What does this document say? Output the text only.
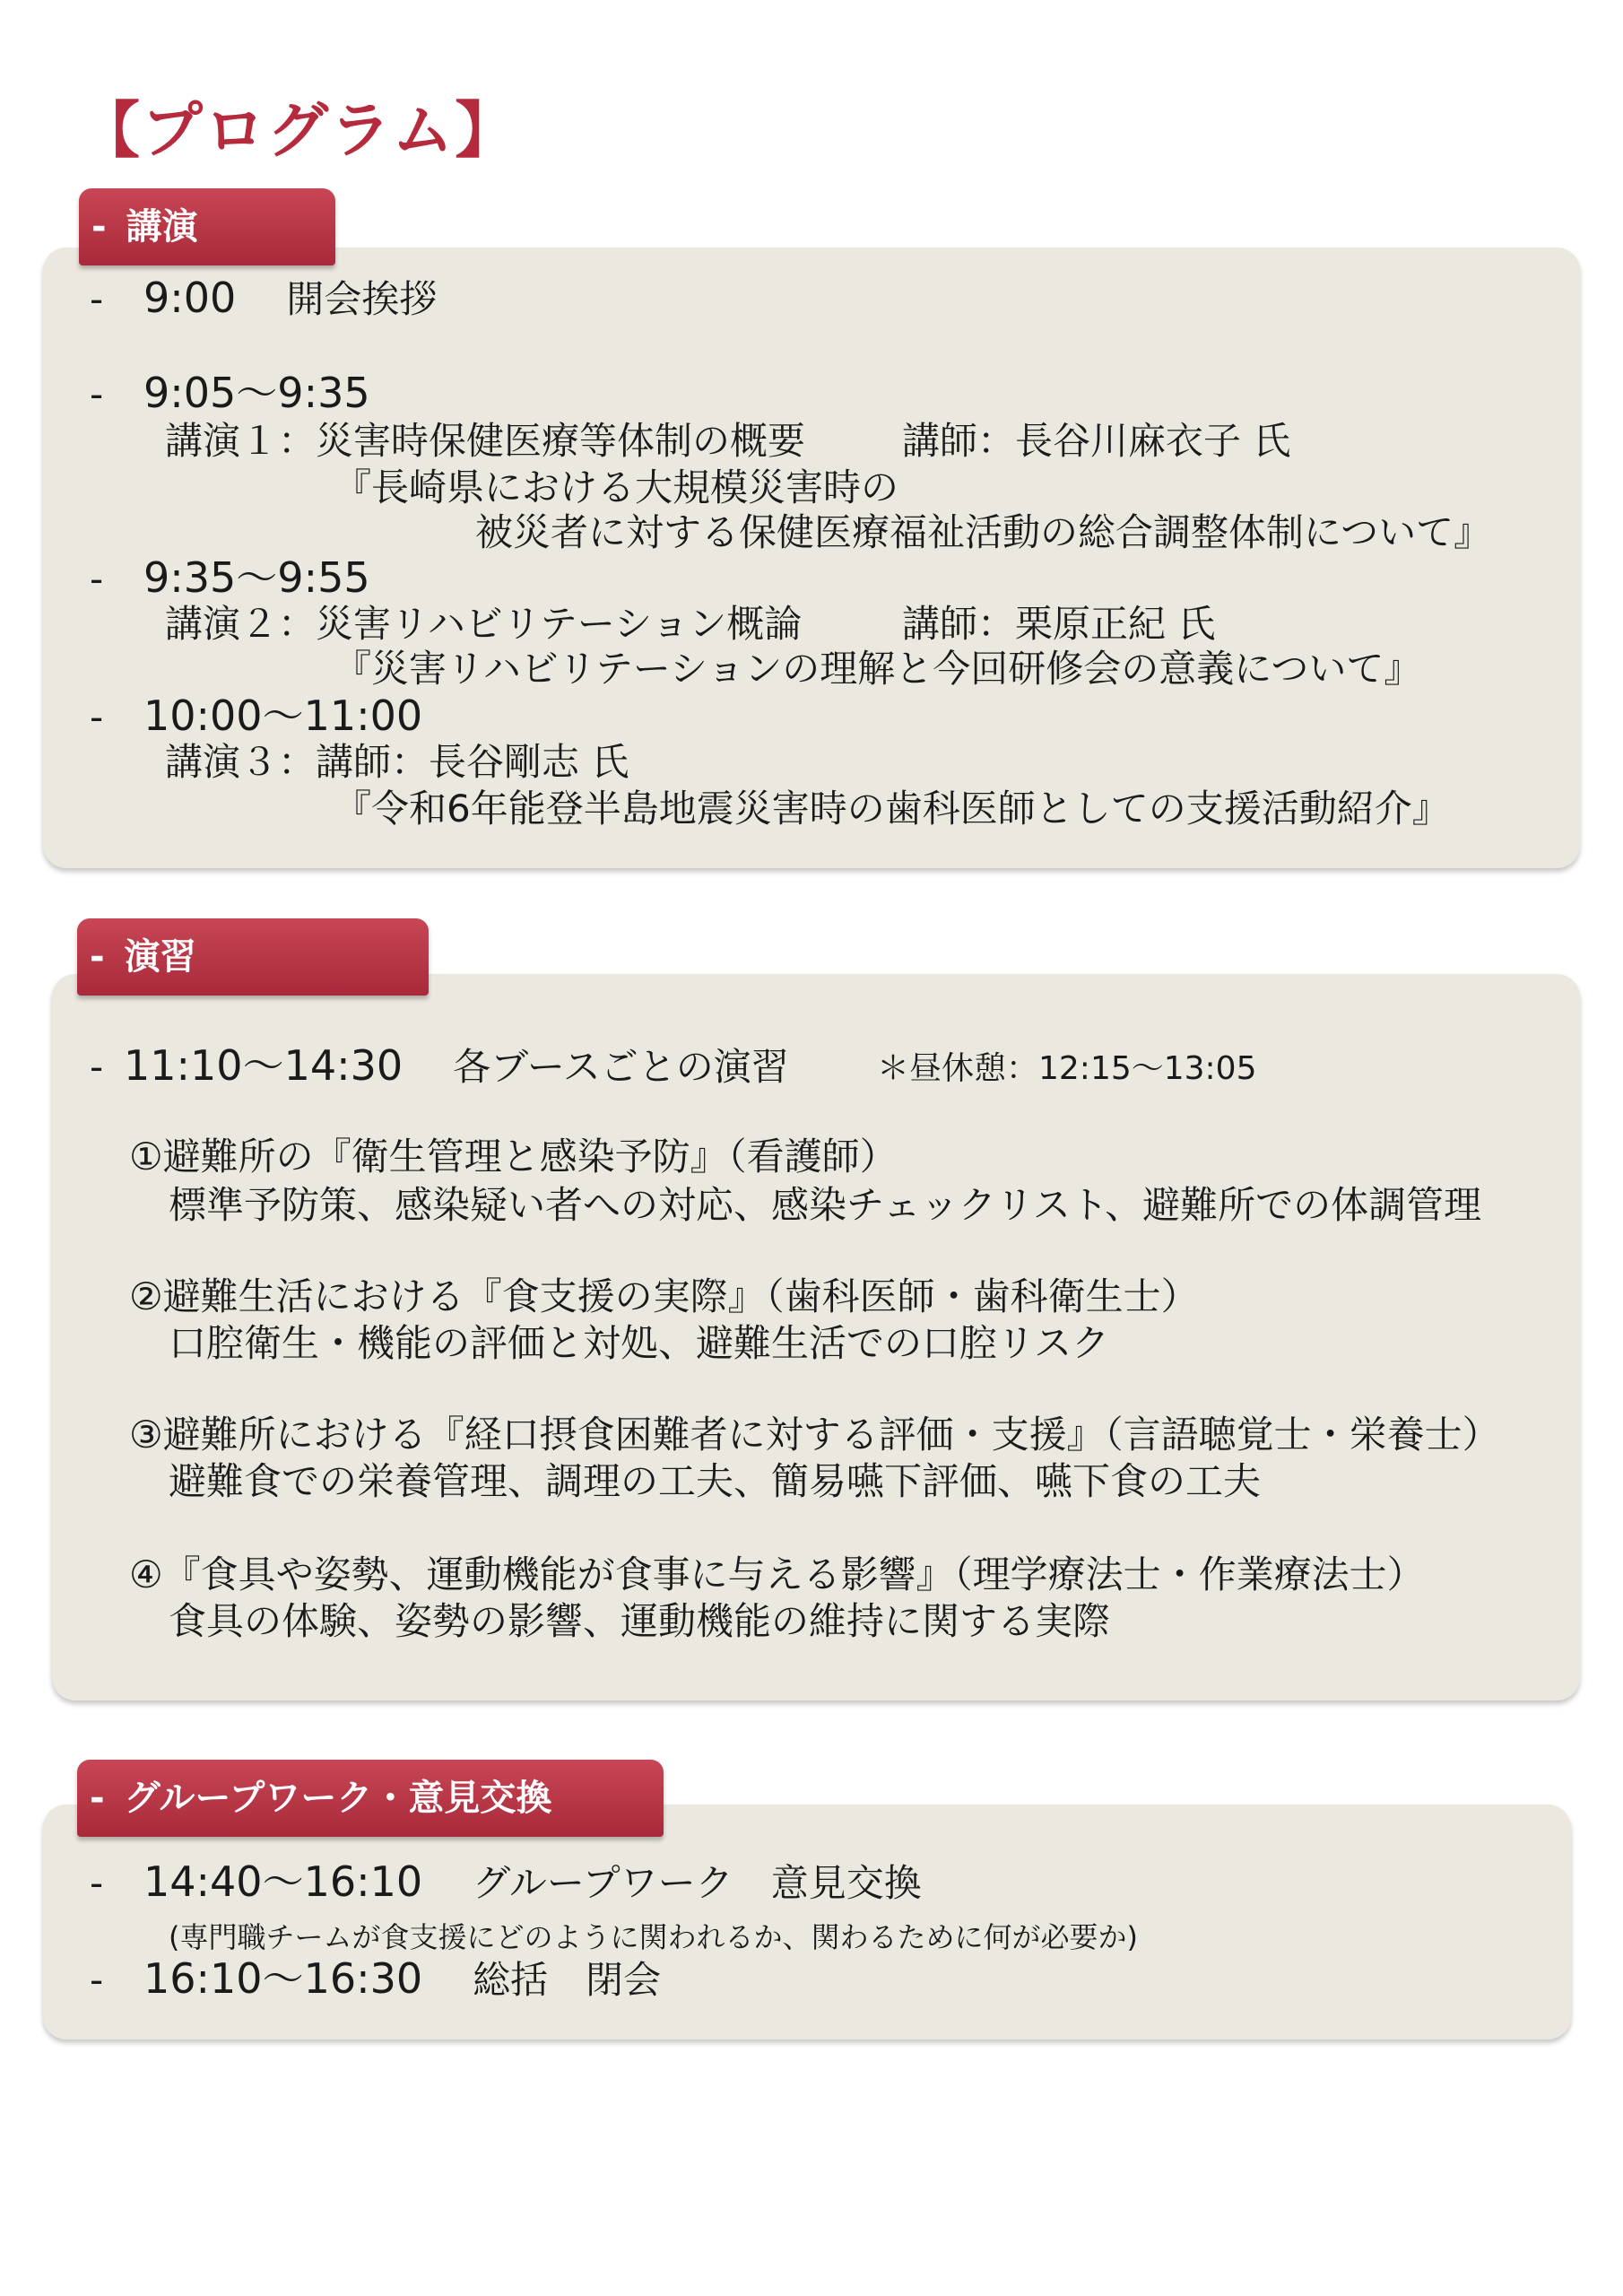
【プログラム】
- 講演
- 9:00 開会挨拶
- 9:05～9:35
講演１：災害時保健医療等体制の概要	講師：長谷川麻衣子 氏
『長崎県における大規模災害時の
被災者に対する保健医療福祉活動の総合調整体制について』
- 9:35～9:55
講演２：災害リハビリテーション概論	講師：栗原正紀 氏
『災害リハビリテーションの理解と今回研修会の意義について』
- 10:00～11:00
講演３：講師：長谷剛志 氏
『令和6年能登半島地震災害時の歯科医師としての支援活動紹介』
- 演習
- 11:10～14:30 各ブースごとの演習	＊昼休憩：12:15～13:05
①避難所の『衛生管理と感染予防』（看護師）
標準予防策、感染疑い者への対応、感染チェックリスト、避難所での体調管理
②避難生活における『食支援の実際』（歯科医師・歯科衛生士）
口腔衛生・機能の評価と対処、避難生活での口腔リスク
③避難所における『経口摂食困難者に対する評価・支援』（言語聴覚士・栄養士）
避難食での栄養管理、調理の工夫、簡易嚥下評価、嚥下食の工夫
④『食具や姿勢、運動機能が食事に与える影響』（理学療法士・作業療法士）
食具の体験、姿勢の影響、運動機能の維持に関する実際
- グループワーク・意見交換
- 14:40～16:10 グループワーク　意見交換
(専門職チームが食支援にどのように関われるか、関わるために何が必要か)
- 16:10～16:30 総括　閉会
